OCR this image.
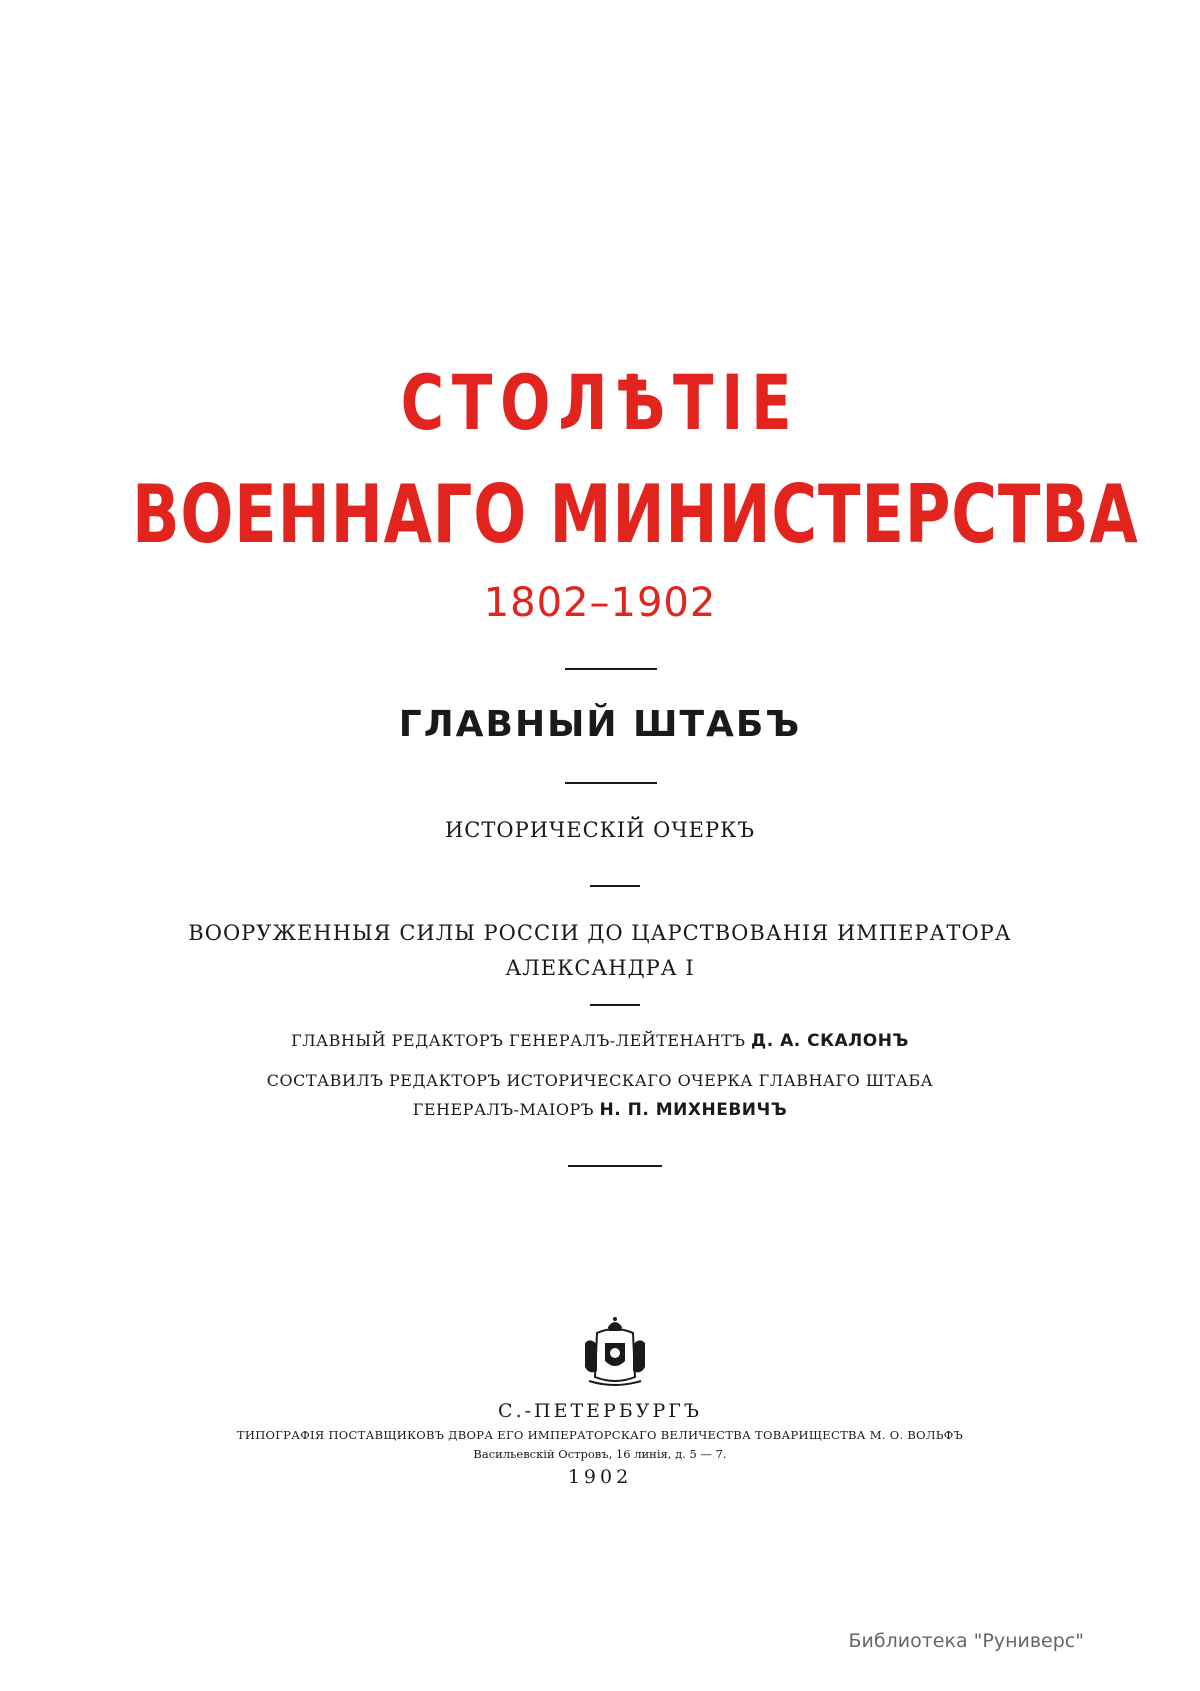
СТОЛѢТІЕ
ВОЕННАГО МИНИСТЕРСТВА
1802–1902
ГЛАВНЫЙ ШТАБЪ
ИСТОРИЧЕСКІЙ ОЧЕРКЪ
ВООРУЖЕННЫЯ СИЛЫ РОССІИ ДО ЦАРСТВОВАНІЯ ИМПЕРАТОРА
АЛЕКСАНДРА I
ГЛАВНЫЙ РЕДАКТОРЪ ГЕНЕРАЛЪ-ЛЕЙТЕНАНТЪ Д. А. СКАЛОНЪ
СОСТАВИЛЪ РЕДАКТОРЪ ИСТОРИЧЕСКАГО ОЧЕРКА ГЛАВНАГО ШТАБА
ГЕНЕРАЛЪ-МАІОРЪ Н. П. МИХНЕВИЧЪ
С.-ПЕТЕРБУРГЪ
ТИПОГРАФІЯ ПОСТАВЩИКОВЪ ДВОРА ЕГО ИМПЕРАТОРСКАГО ВЕЛИЧЕСТВА ТОВАРИЩЕСТВА М. О. ВОЛЬФЪ
Васильевскій Островъ, 16 линія, д. 5 — 7.
1902
Библиотека "Руниверс"
